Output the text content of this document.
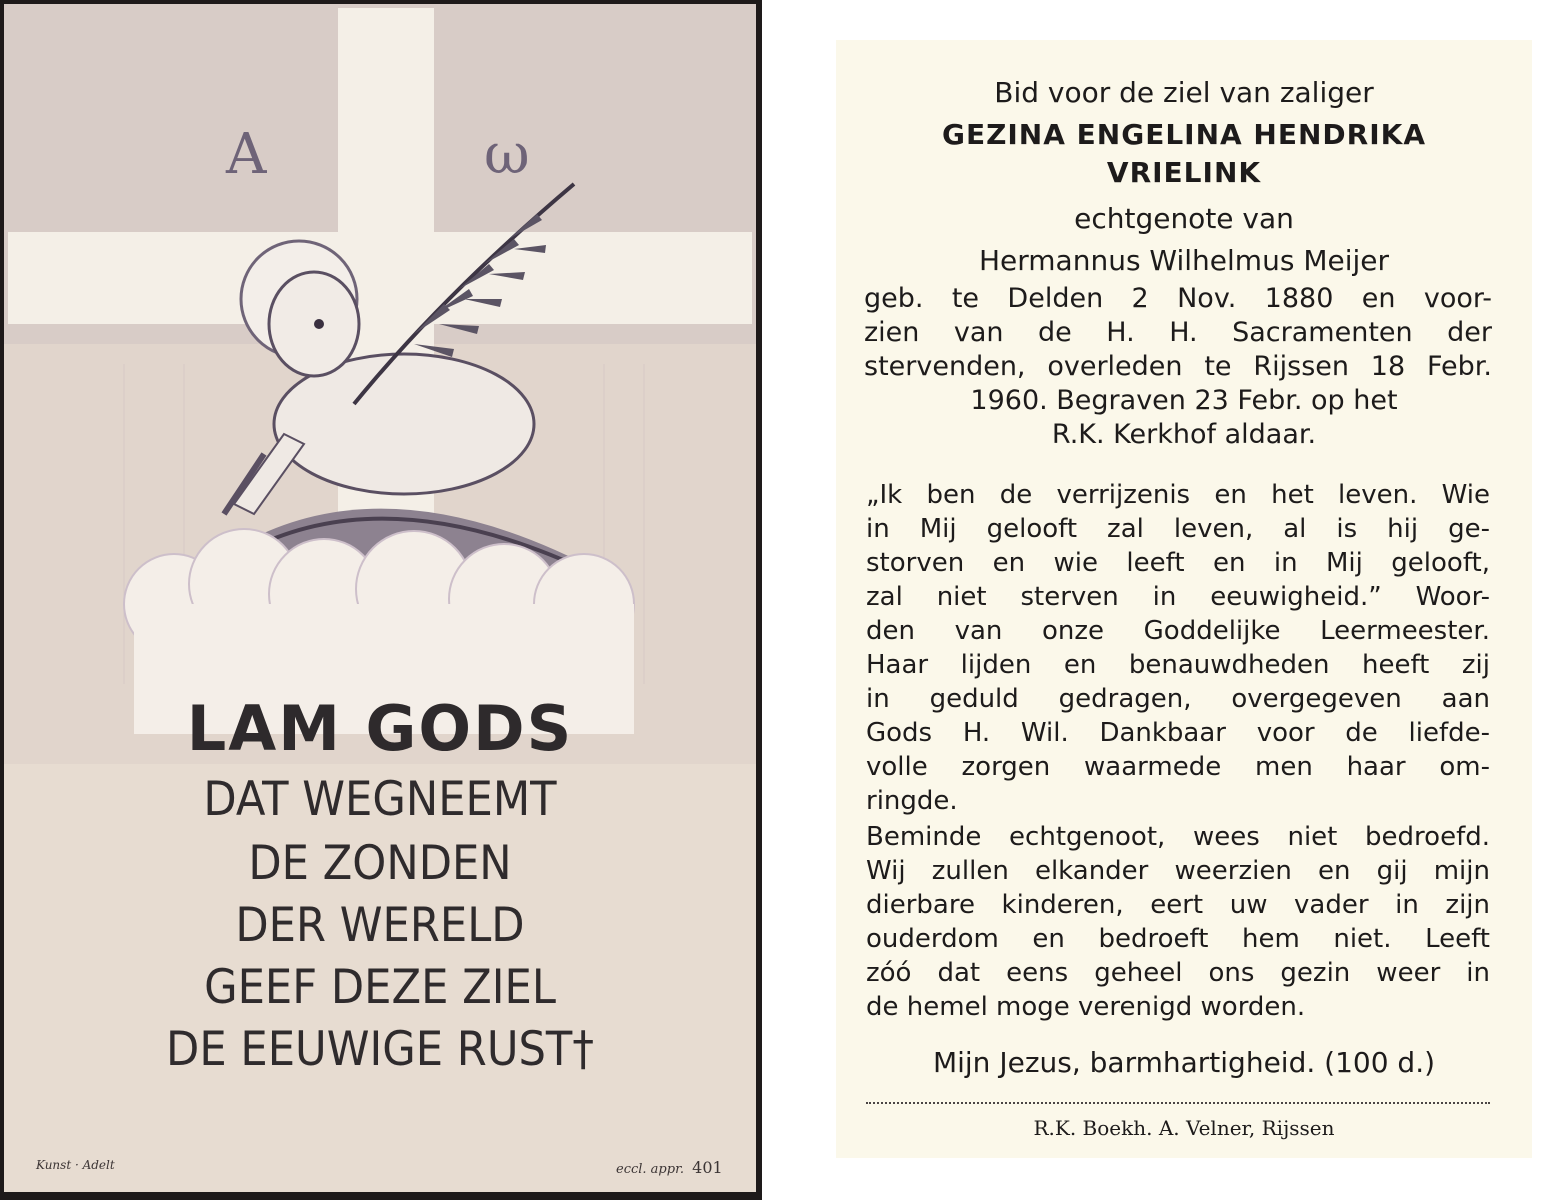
A	ω
LAM GODS
DAT WEGNEEMT
DE ZONDEN
DER WERELD
GEEF DEZE ZIEL
DE EEUWIGE RUST†
Kunst · Adelt	eccl. appr. 401
Bid voor de ziel van zaliger
GEZINA ENGELINA HENDRIKA
VRIELINK
echtgenote van
Hermannus Wilhelmus Meijer
geb. te Delden 2 Nov. 1880 en voor-
zien van de H. H. Sacramenten der
stervenden, overleden te Rijssen 18 Febr.
1960. Begraven 23 Febr. op het
R.K. Kerkhof aldaar.
„Ik ben de verrijzenis en het leven. Wie
in Mij gelooft zal leven, al is hij ge-
storven en wie leeft en in Mij gelooft,
zal niet sterven in eeuwigheid.” Woor-
den van onze Goddelijke Leermeester.
Haar lijden en benauwdheden heeft zij
in geduld gedragen, overgegeven aan
Gods H. Wil. Dankbaar voor de liefde-
volle zorgen waarmede men haar om-
ringde.
Beminde echtgenoot, wees niet bedroefd.
Wij zullen elkander weerzien en gij mijn
dierbare kinderen, eert uw vader in zijn
ouderdom en bedroeft hem niet. Leeft
zóó dat eens geheel ons gezin weer in
de hemel moge verenigd worden.
Mijn Jezus, barmhartigheid. (100 d.)
R.K. Boekh. A. Velner, Rijssen
